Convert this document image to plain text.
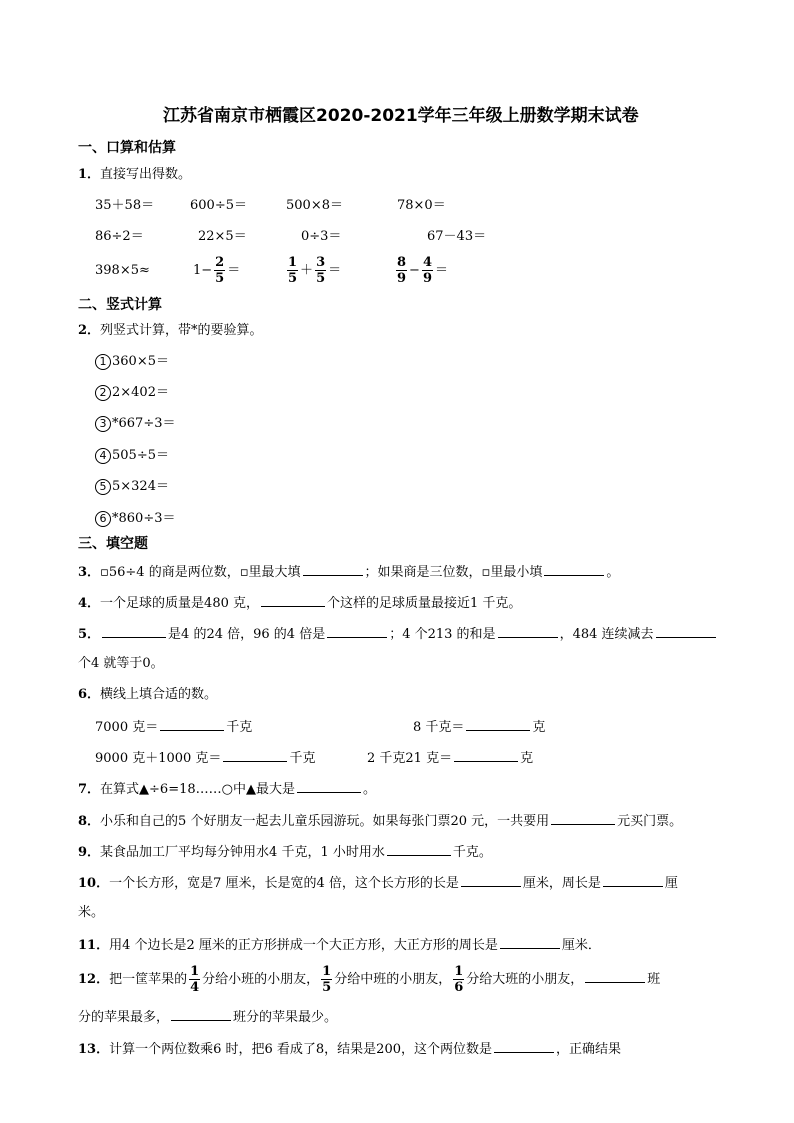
江苏省南京市栖霞区2020-2021学年三年级上册数学期末试卷
一、口算和估算
1．直接写出得数。
35＋58＝	600÷5＝	500×8＝	78×0＝
86÷2＝	22×5＝	0÷3＝	67－43＝
398×5≈	$1- \frac{2}{5}$ ＝	$\frac{1}{5} + \frac{3}{5}$ ＝	$\frac{8}{9} - \frac{4}{9}$ ＝
二、竖式计算
2．列竖式计算，带*的要验算。
1 360×5＝
2 2×402＝
3 *667÷3＝
4 505÷5＝
5 5×324＝
6 *860÷3＝
三、填空题
3．▫56÷4 的商是两位数，▫里最大填	；如果商是三位数，▫里最小填	。
4．一个足球的质量是480 克，	个这样的足球质量最接近1 千克。
5．	是4 的24 倍，96 的4 倍是	；4 个213 的和是	，484 连续减去
个4 就等于0。
6．横线上填合适的数。
7000 克＝	千克	8 千克＝	克
9000 克＋1000 克＝	千克	2 千克21 克＝	克
7．在算式▲÷6=18……○中▲最大是	。
8．小乐和自己的5 个好朋友一起去儿童乐园游玩。如果每张门票20 元，一共要用	元买门票。
9．某食品加工厂平均每分钟用水4 千克，1 小时用水	千克。
10．一个长方形，宽是7 厘米，长是宽的4 倍，这个长方形的长是	厘米，周长是	厘
米。
11．用4 个边长是2 厘米的正方形拼成一个大正方形，大正方形的周长是	厘米．
12．把一筐苹果的 $\frac{1}{4}$ 分给小班的小朋友， $\frac{1}{5}$ 分给中班的小朋友， $\frac{1}{6}$ 分给大班的小朋友，	班
分的苹果最多，	班分的苹果最少。
13．计算一个两位数乘6 时，把6 看成了8，结果是200，这个两位数是	，正确结果
